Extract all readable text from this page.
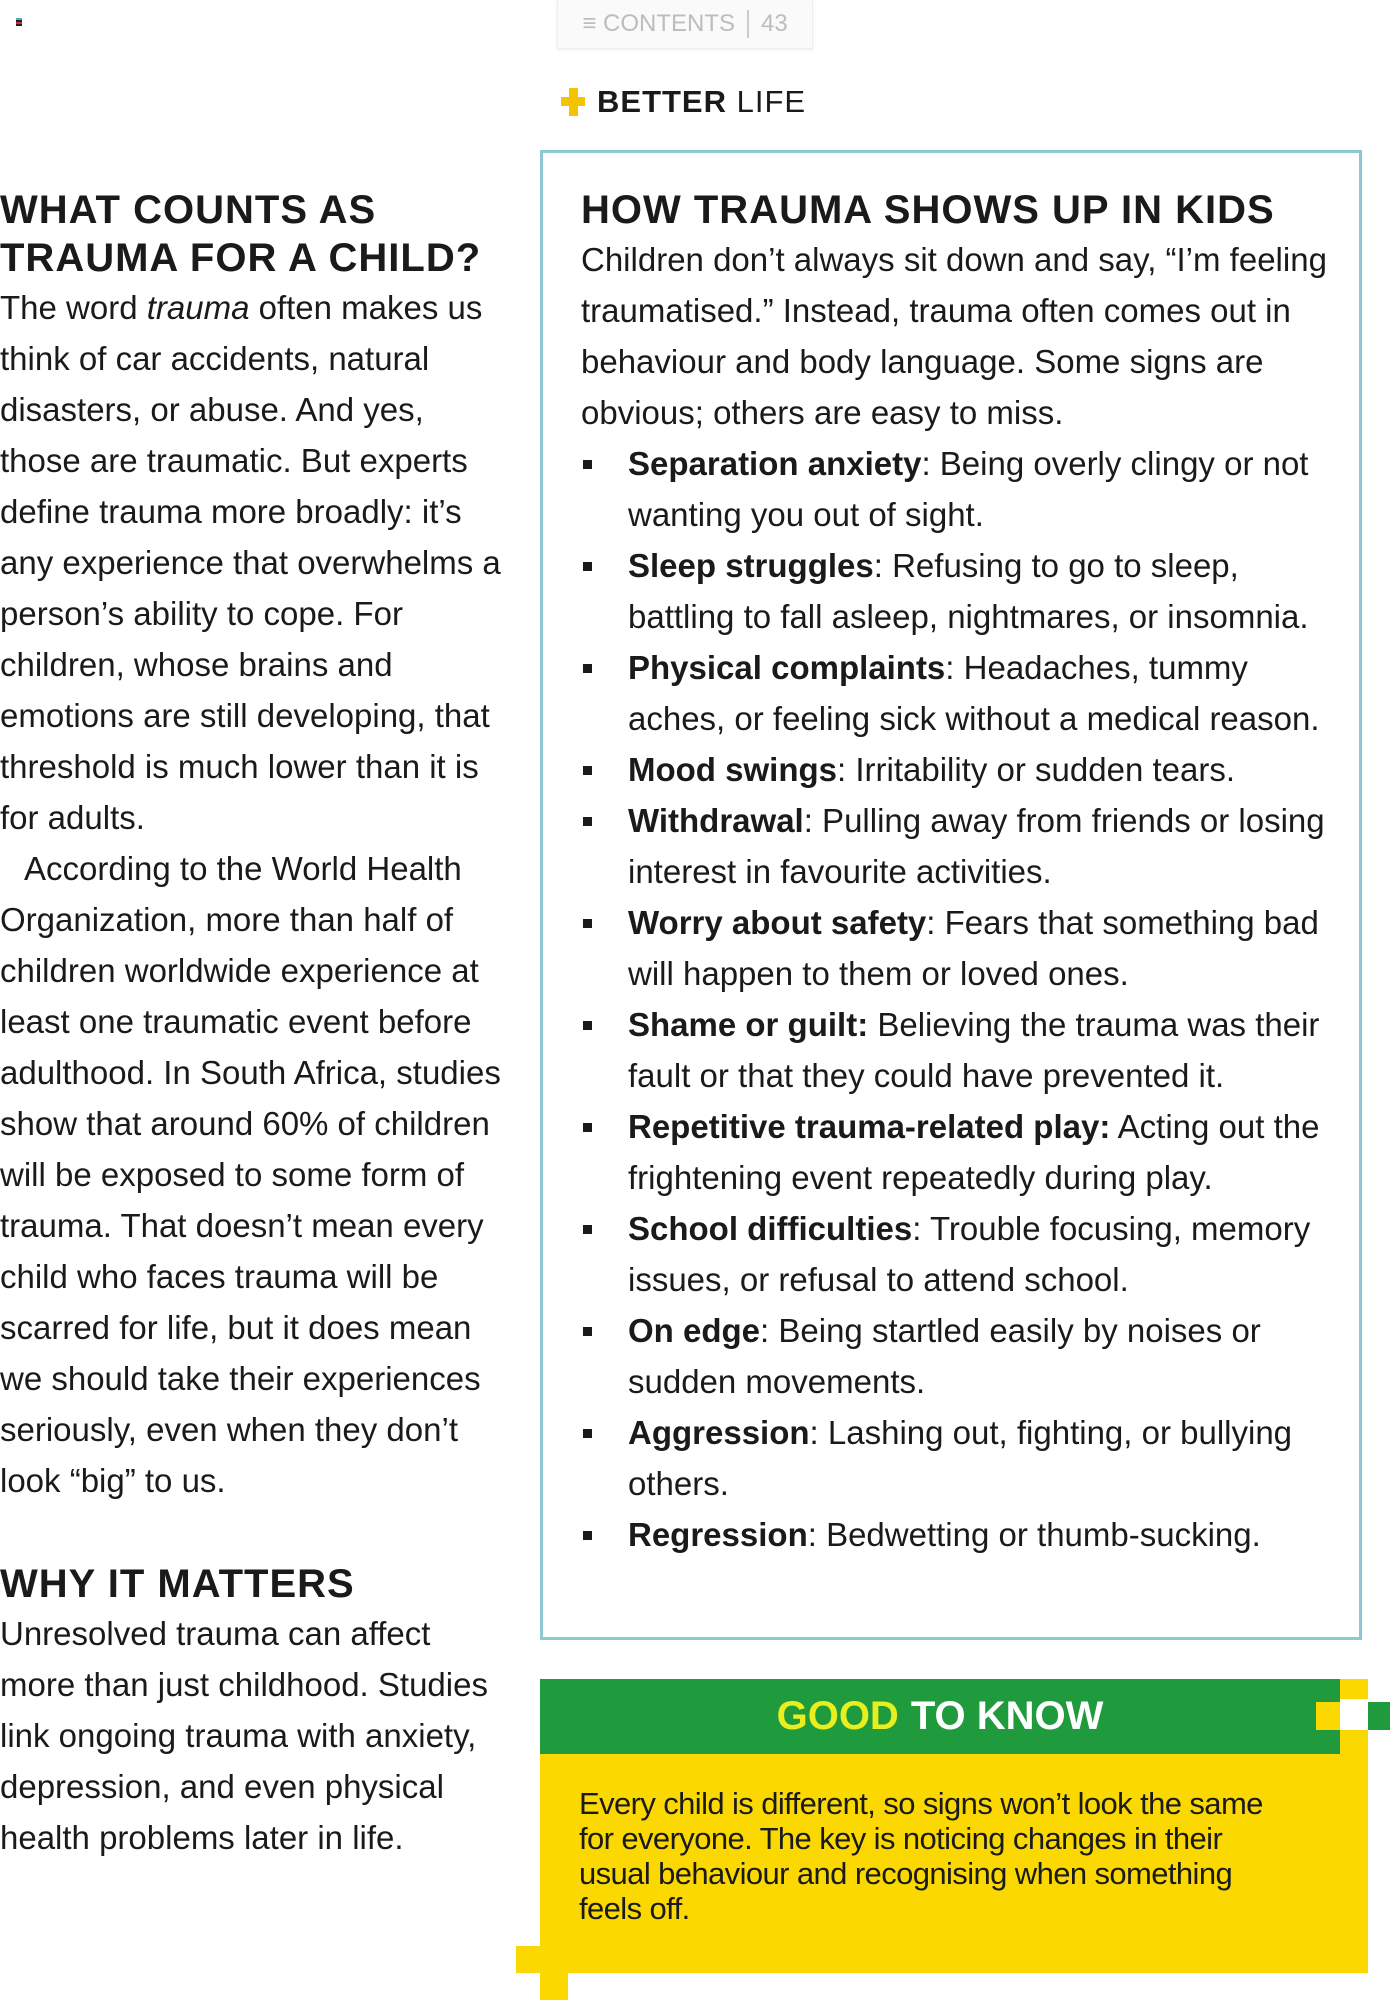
≡ CONTENTS 43
BETTER LIFE
WHAT COUNTS AS TRAUMA FOR A CHILD?

The word trauma often makes us think of car accidents, natural disasters, or abuse. And yes, those are traumatic. But experts define trauma more broadly: it’s any experience that overwhelms a person’s ability to cope. For children, whose brains and emotions are still developing, that threshold is much lower than it is for adults.

According to the World Health Organization, more than half of children worldwide experience at least one traumatic event before adulthood. In South Africa, studies show that around 60% of children will be exposed to some form of trauma. That doesn’t mean every child who faces trauma will be scarred for life, but it does mean we should take their experiences seriously, even when they don’t look “big” to us.

WHY IT MATTERS

Unresolved trauma can affect more than just childhood. Studies link ongoing trauma with anxiety, depression, and even physical health problems later in life.

HOW TRAUMA SHOWS UP IN KIDS

Children don’t always sit down and say, “I’m feeling traumatised.” Instead, trauma often comes out in behaviour and body language. Some signs are obvious; others are easy to miss.

Separation anxiety: Being overly clingy or not wanting you out of sight.
Sleep struggles: Refusing to go to sleep, battling to fall asleep, nightmares, or insomnia.
Physical complaints: Headaches, tummy aches, or feeling sick without a medical reason.
Mood swings: Irritability or sudden tears.
Withdrawal: Pulling away from friends or losing interest in favourite activities.
Worry about safety: Fears that something bad will happen to them or loved ones.
Shame or guilt: Believing the trauma was their fault or that they could have prevented it.
Repetitive trauma-related play: Acting out the frightening event repeatedly during play.
School difficulties: Trouble focusing, memory issues, or refusal to attend school.
On edge: Being startled easily by noises or sudden movements.
Aggression: Lashing out, fighting, or bullying others.
Regression: Bedwetting or thumb-sucking.
GOOD TO KNOW
Every child is different, so signs won’t look the same for everyone. The key is noticing changes in their usual behaviour and recognising when something feels off.
